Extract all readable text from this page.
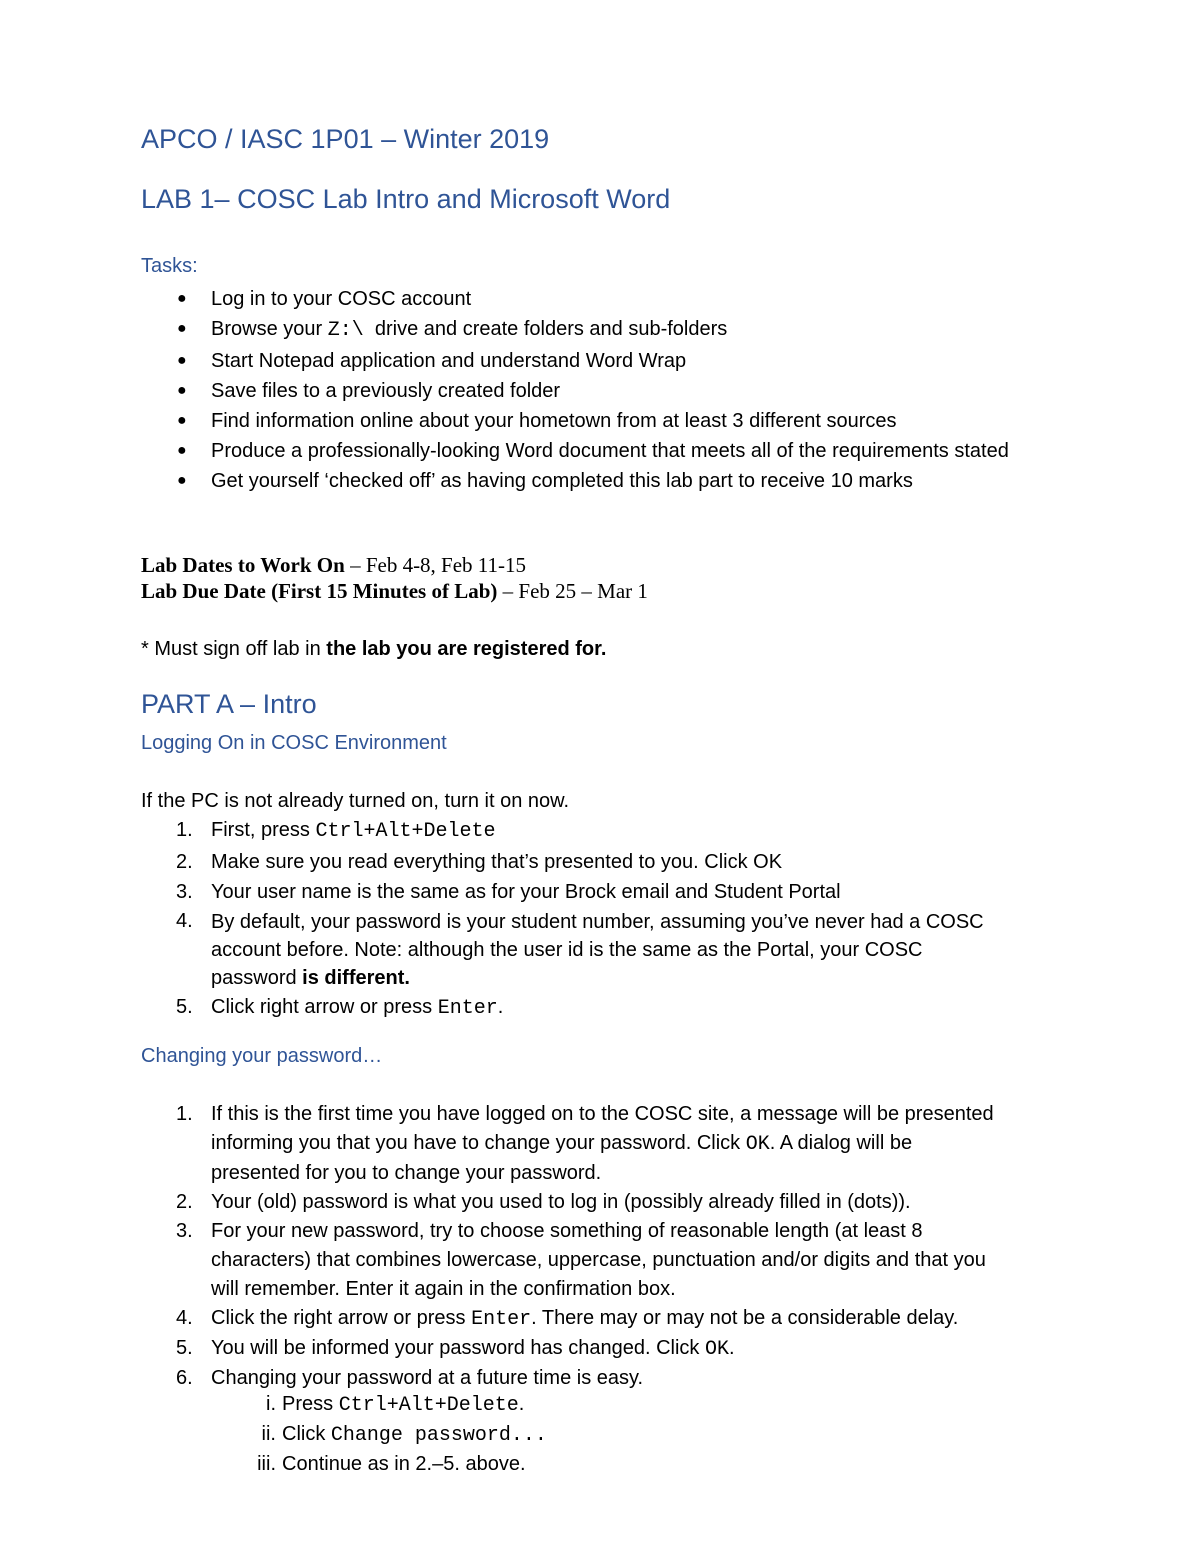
APCO / IASC 1P01 – Winter 2019
LAB 1– COSC Lab Intro and Microsoft Word
Tasks:
● Log in to your COSC account
● Browse your Z:\ drive and create folders and sub-folders
● Start Notepad application and understand Word Wrap
● Save files to a previously created folder
● Find information online about your hometown from at least 3 different sources
● Produce a professionally-looking Word document that meets all of the requirements stated
● Get yourself ‘checked off’ as having completed this lab part to receive 10 marks
Lab Dates to Work On – Feb 4-8, Feb 11-15
Lab Due Date (First 15 Minutes of Lab) – Feb 25 – Mar 1
* Must sign off lab in the lab you are registered for.
PART A – Intro
Logging On in COSC Environment
If the PC is not already turned on, turn it on now.
1. First, press Ctrl+Alt+Delete
2. Make sure you read everything that’s presented to you. Click OK
3. Your user name is the same as for your Brock email and Student Portal
4. By default, your password is your student number, assuming you’ve never had a COSC
account before. Note: although the user id is the same as the Portal, your COSC
password is different.
5. Click right arrow or press Enter.
Changing your password…
1. If this is the first time you have logged on to the COSC site, a message will be presented
informing you that you have to change your password. Click OK. A dialog will be
presented for you to change your password.
2. Your (old) password is what you used to log in (possibly already filled in (dots)).
3. For your new password, try to choose something of reasonable length (at least 8
characters) that combines lowercase, uppercase, punctuation and/or digits and that you
will remember. Enter it again in the confirmation box.
4. Click the right arrow or press Enter. There may or may not be a considerable delay.
5. You will be informed your password has changed. Click OK.
6. Changing your password at a future time is easy.
i. Press Ctrl+Alt+Delete.
ii. Click Change password...
iii. Continue as in 2.–5. above.
